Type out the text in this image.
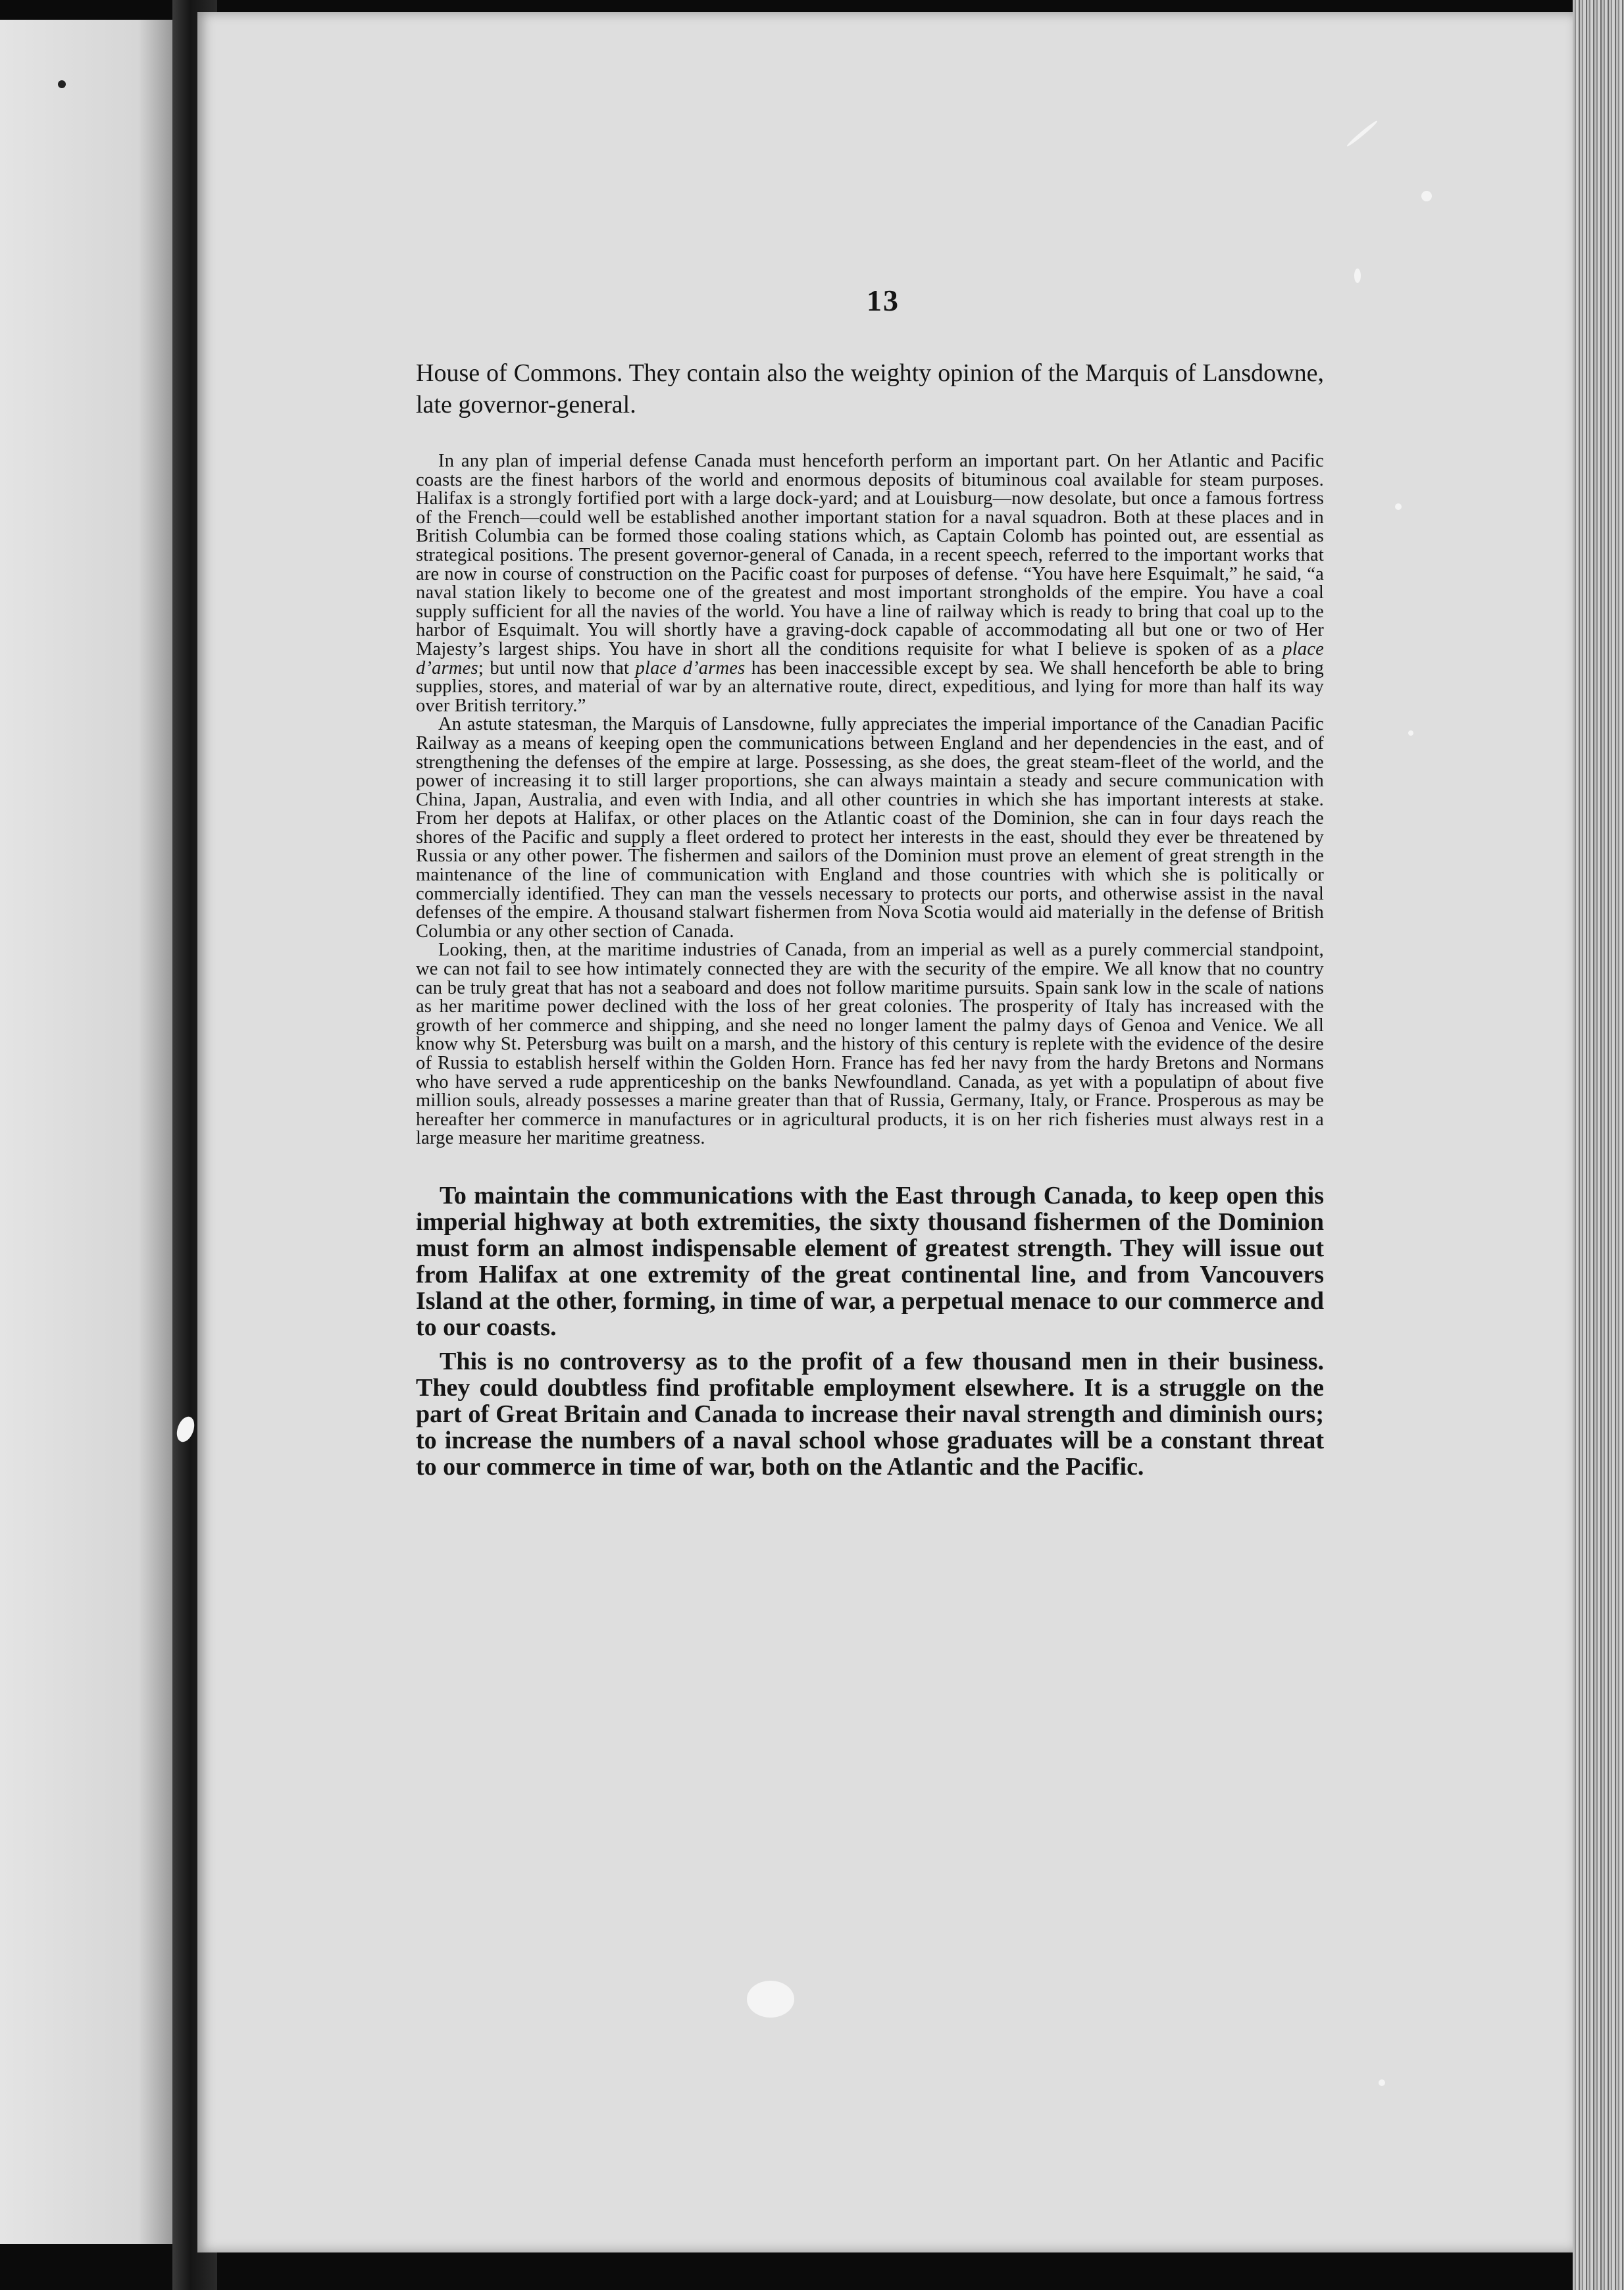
13

House of Commons. They contain also the weighty opinion of the Marquis of Lansdowne, late governor-general.

In any plan of imperial defense Canada must henceforth perform an important part. On her Atlantic and Pacific coasts are the finest harbors of the world and enormous deposits of bituminous coal available for steam purposes. Halifax is a strongly fortified port with a large dock-yard; and at Louisburg—now desolate, but once a famous fortress of the French—could well be established another important station for a naval squadron. Both at these places and in British Columbia can be formed those coaling stations which, as Captain Colomb has pointed out, are essential as strategical positions. The present governor-general of Canada, in a recent speech, referred to the important works that are now in course of construction on the Pacific coast for purposes of defense. “You have here Esquimalt,” he said, “a naval station likely to become one of the greatest and most important strongholds of the empire. You have a coal supply sufficient for all the navies of the world. You have a line of railway which is ready to bring that coal up to the harbor of Esquimalt. You will shortly have a graving-dock capable of accommodating all but one or two of Her Majesty’s largest ships. You have in short all the conditions requisite for what I believe is spoken of as a place d’armes; but until now that place d’armes has been inaccessible except by sea. We shall henceforth be able to bring supplies, stores, and material of war by an alternative route, direct, expeditious, and lying for more than half its way over British territory.”

An astute statesman, the Marquis of Lansdowne, fully appreciates the imperial importance of the Canadian Pacific Railway as a means of keeping open the communications between England and her dependencies in the east, and of strengthening the defenses of the empire at large. Possessing, as she does, the great steam-fleet of the world, and the power of increasing it to still larger proportions, she can always maintain a steady and secure communication with China, Japan, Australia, and even with India, and all other countries in which she has important interests at stake. From her depots at Halifax, or other places on the Atlantic coast of the Dominion, she can in four days reach the shores of the Pacific and supply a fleet ordered to protect her interests in the east, should they ever be threatened by Russia or any other power. The fishermen and sailors of the Dominion must prove an element of great strength in the maintenance of the line of communication with England and those countries with which she is politically or commercially identified. They can man the vessels necessary to protects our ports, and otherwise assist in the naval defenses of the empire. A thousand stalwart fishermen from Nova Scotia would aid materially in the defense of British Columbia or any other section of Canada.

Looking, then, at the maritime industries of Canada, from an imperial as well as a purely commercial standpoint, we can not fail to see how intimately connected they are with the security of the empire. We all know that no country can be truly great that has not a seaboard and does not follow maritime pursuits. Spain sank low in the scale of nations as her maritime power declined with the loss of her great colonies. The prosperity of Italy has increased with the growth of her commerce and shipping, and she need no longer lament the palmy days of Genoa and Venice. We all know why St. Petersburg was built on a marsh, and the history of this century is replete with the evidence of the desire of Russia to establish herself within the Golden Horn. France has fed her navy from the hardy Bretons and Normans who have served a rude apprenticeship on the banks Newfoundland. Canada, as yet with a populatipn of about five million souls, already possesses a marine greater than that of Russia, Germany, Italy, or France. Prosperous as may be hereafter her commerce in manufactures or in agricultural products, it is on her rich fisheries must always rest in a large measure her maritime greatness.

To maintain the communications with the East through Canada, to keep open this imperial highway at both extremities, the sixty thousand fishermen of the Dominion must form an almost indispensable element of greatest strength. They will issue out from Halifax at one extremity of the great continental line, and from Vancouvers Island at the other, forming, in time of war, a perpetual menace to our commerce and to our coasts.

This is no controversy as to the profit of a few thousand men in their business. They could doubtless find profitable employment elsewhere. It is a struggle on the part of Great Britain and Canada to increase their naval strength and diminish ours; to increase the numbers of a naval school whose graduates will be a constant threat to our commerce in time of war, both on the Atlantic and the Pacific.
